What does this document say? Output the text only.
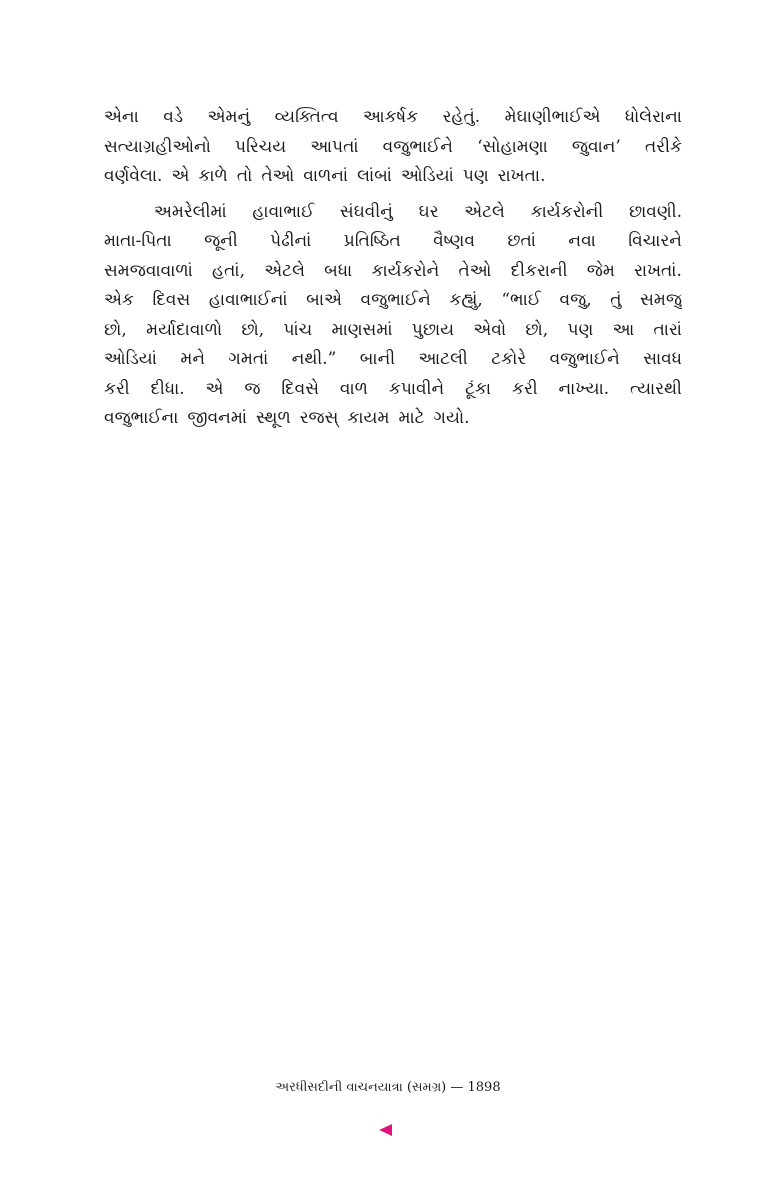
એના વડે એમનું વ્યક્તિત્વ આકર્ષક રહેતું. મેઘાણીભાઈએ ધોલેરાના
સત્યાગ્રહીઓનો પરિચય આપતાં વજુભાઈને ‘સોહામણા જુવાન’ તરીકે
વર્ણવેલા. એ કાળે તો તેઓ વાળનાં લાંબાં ઓડિયાં પણ રાખતા.
અમરેલીમાં હાવાભાઈ સંઘવીનું ઘર એટલે કાર્યકરોની છાવણી.
માતા-પિતા જૂની પેઢીનાં પ્રતિષ્ઠિત વૈષ્ણવ છતાં નવા વિચારને
સમજવાવાળાં હતાં, એટલે બધા કાર્યકરોને તેઓ દીકરાની જેમ રાખતાં.
એક દિવસ હાવાભાઈનાં બાએ વજુભાઈને કહ્યું, “ભાઈ વજુ, તું સમજુ
છો, મર્યાદાવાળો છો, પાંચ માણસમાં પુછાય એવો છો, પણ આ તારાં
ઓડિયાં મને ગમતાં નથી.” બાની આટલી ટકોરે વજુભાઈને સાવધ
કરી દીધા. એ જ દિવસે વાળ કપાવીને ટૂંકા કરી નાખ્યા. ત્યારથી
વજુભાઈના જીવનમાં સ્થૂળ રજસ્ કાયમ માટે ગયો.
અરધીસદીની વાચનયાત્રા (સમગ્ર) — 1898
